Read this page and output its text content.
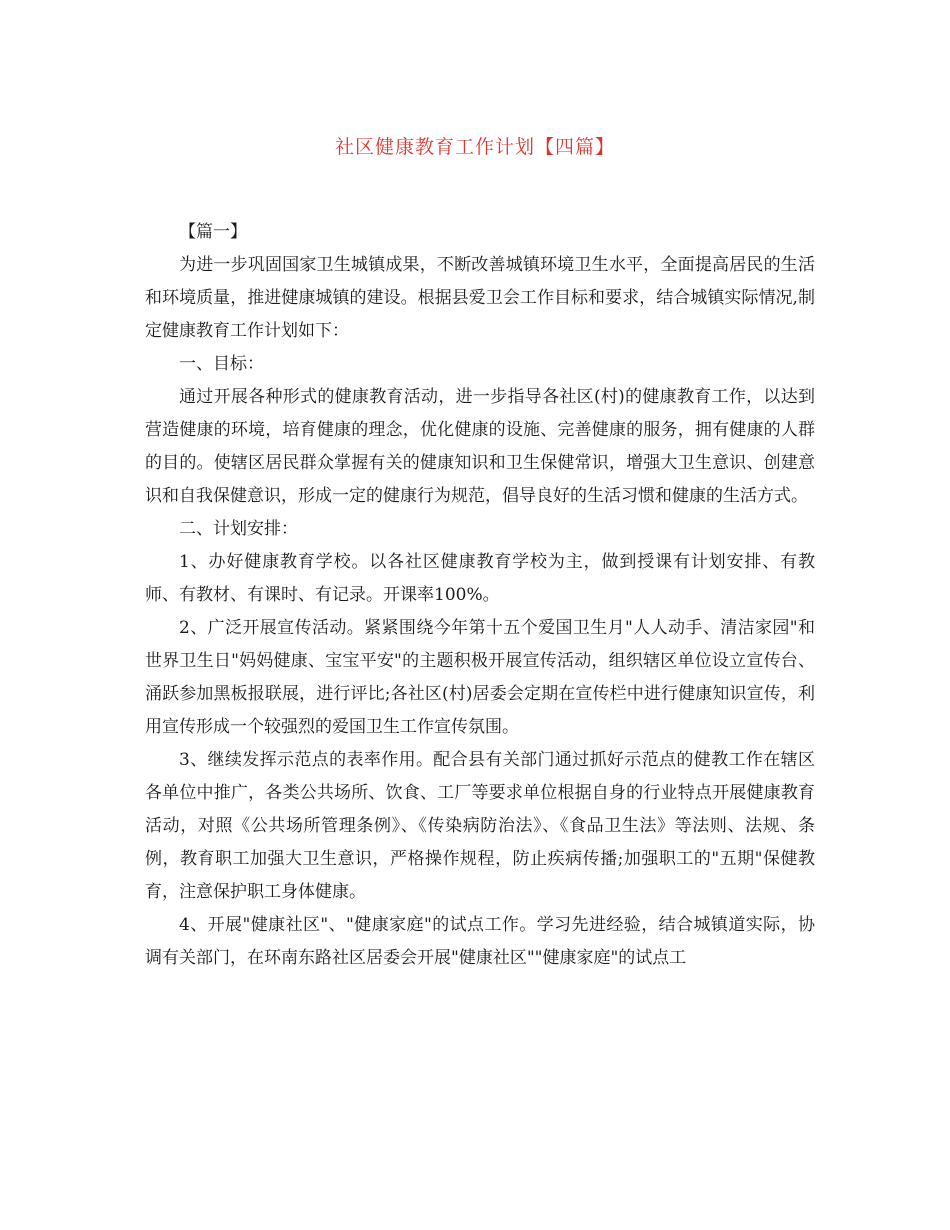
社区健康教育工作计划【四篇】

【篇一】

为进一步巩固国家卫生城镇成果，不断改善城镇环境卫生水平，全面提高居民的生活和环境质量，推进健康城镇的建设。根据县爱卫会工作目标和要求，结合城镇实际情况,制定健康教育工作计划如下：

一、目标：

通过开展各种形式的健康教育活动，进一步指导各社区(村)的健康教育工作，以达到营造健康的环境，培育健康的理念，优化健康的设施、完善健康的服务，拥有健康的人群的目的。使辖区居民群众掌握有关的健康知识和卫生保健常识，增强大卫生意识、创建意识和自我保健意识，形成一定的健康行为规范，倡导良好的生活习惯和健康的生活方式。

二、计划安排：

1、办好健康教育学校。以各社区健康教育学校为主，做到授课有计划安排、有教师、有教材、有课时、有记录。开课率100%。

2、广泛开展宣传活动。紧紧围绕今年第十五个爱国卫生月"人人动手、清洁家园"和世界卫生日"妈妈健康、宝宝平安"的主题积极开展宣传活动，组织辖区单位设立宣传台、涌跃参加黑板报联展，进行评比;各社区(村)居委会定期在宣传栏中进行健康知识宣传，利用宣传形成一个较强烈的爱国卫生工作宣传氛围。

3、继续发挥示范点的表率作用。配合县有关部门通过抓好示范点的健教工作在辖区各单位中推广，各类公共场所、饮食、工厂等要求单位根据自身的行业特点开展健康教育活动，对照《公共场所管理条例》、《传染病防治法》、《食品卫生法》等法则、法规、条例，教育职工加强大卫生意识，严格操作规程，防止疾病传播;加强职工的"五期"保健教育，注意保护职工身体健康。

4、开展"健康社区"、"健康家庭"的试点工作。学习先进经验，结合城镇道实际，协调有关部门，在环南东路社区居委会开展"健康社区""健康家庭"的试点工
